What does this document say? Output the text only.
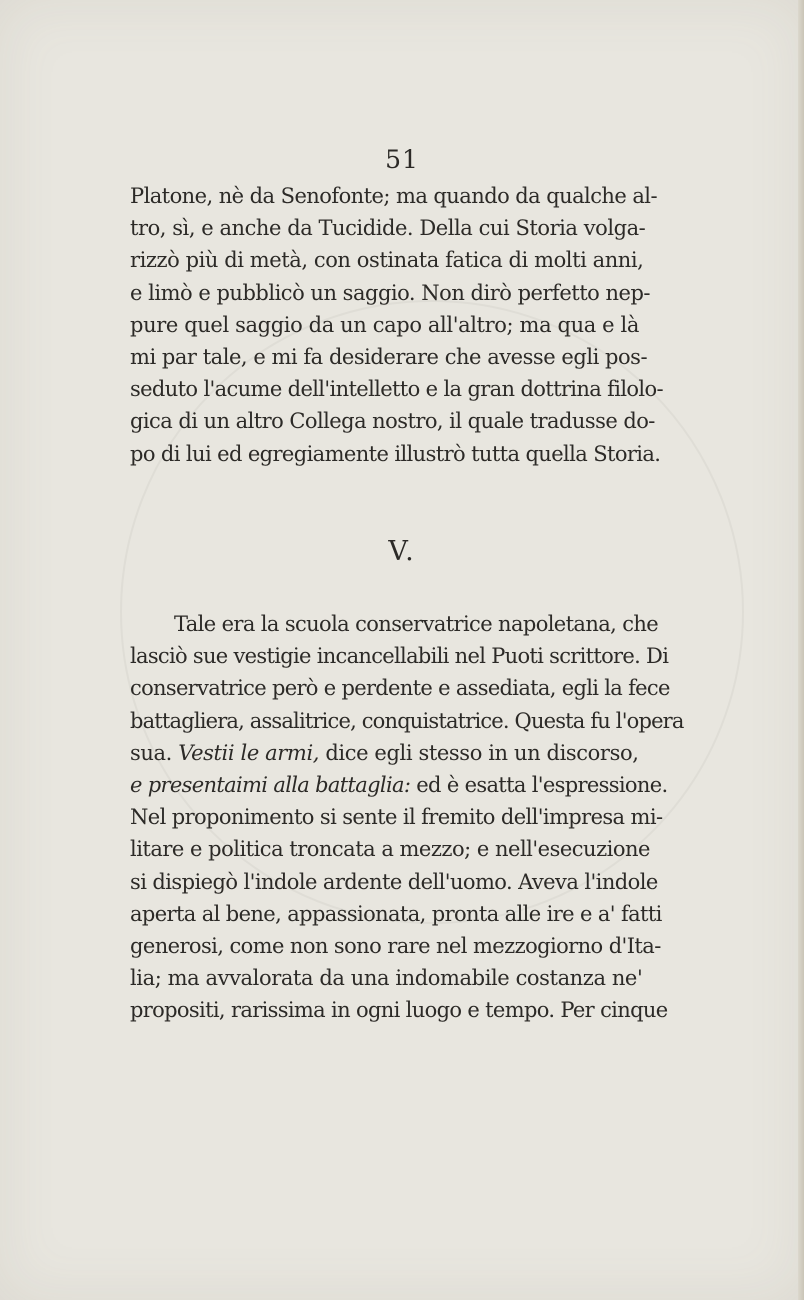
51
Platone, nè da Senofonte; ma quando da qualche al-
tro, sì, e anche da Tucidide. Della cui Storia volga-
rizzò più di metà, con ostinata fatica di molti anni,
e limò e pubblicò un saggio. Non dirò perfetto nep-
pure quel saggio da un capo all'altro; ma qua e là
mi par tale, e mi fa desiderare che avesse egli pos-
seduto l'acume dell'intelletto e la gran dottrina filolo-
gica di un altro Collega nostro, il quale tradusse do-
po di lui ed egregiamente illustrò tutta quella Storia.
V.
Tale era la scuola conservatrice napoletana, che
lasciò sue vestigie incancellabili nel Puoti scrittore. Di
conservatrice però e perdente e assediata, egli la fece
battagliera, assalitrice, conquistatrice. Questa fu l'opera
sua. Vestii le armi, dice egli stesso in un discorso,
e presentaimi alla battaglia: ed è esatta l'espressione.
Nel proponimento si sente il fremito dell'impresa mi-
litare e politica troncata a mezzo; e nell'esecuzione
si dispiegò l'indole ardente dell'uomo. Aveva l'indole
aperta al bene, appassionata, pronta alle ire e a' fatti
generosi, come non sono rare nel mezzogiorno d'Ita-
lia; ma avvalorata da una indomabile costanza ne'
propositi, rarissima in ogni luogo e tempo. Per cinque
